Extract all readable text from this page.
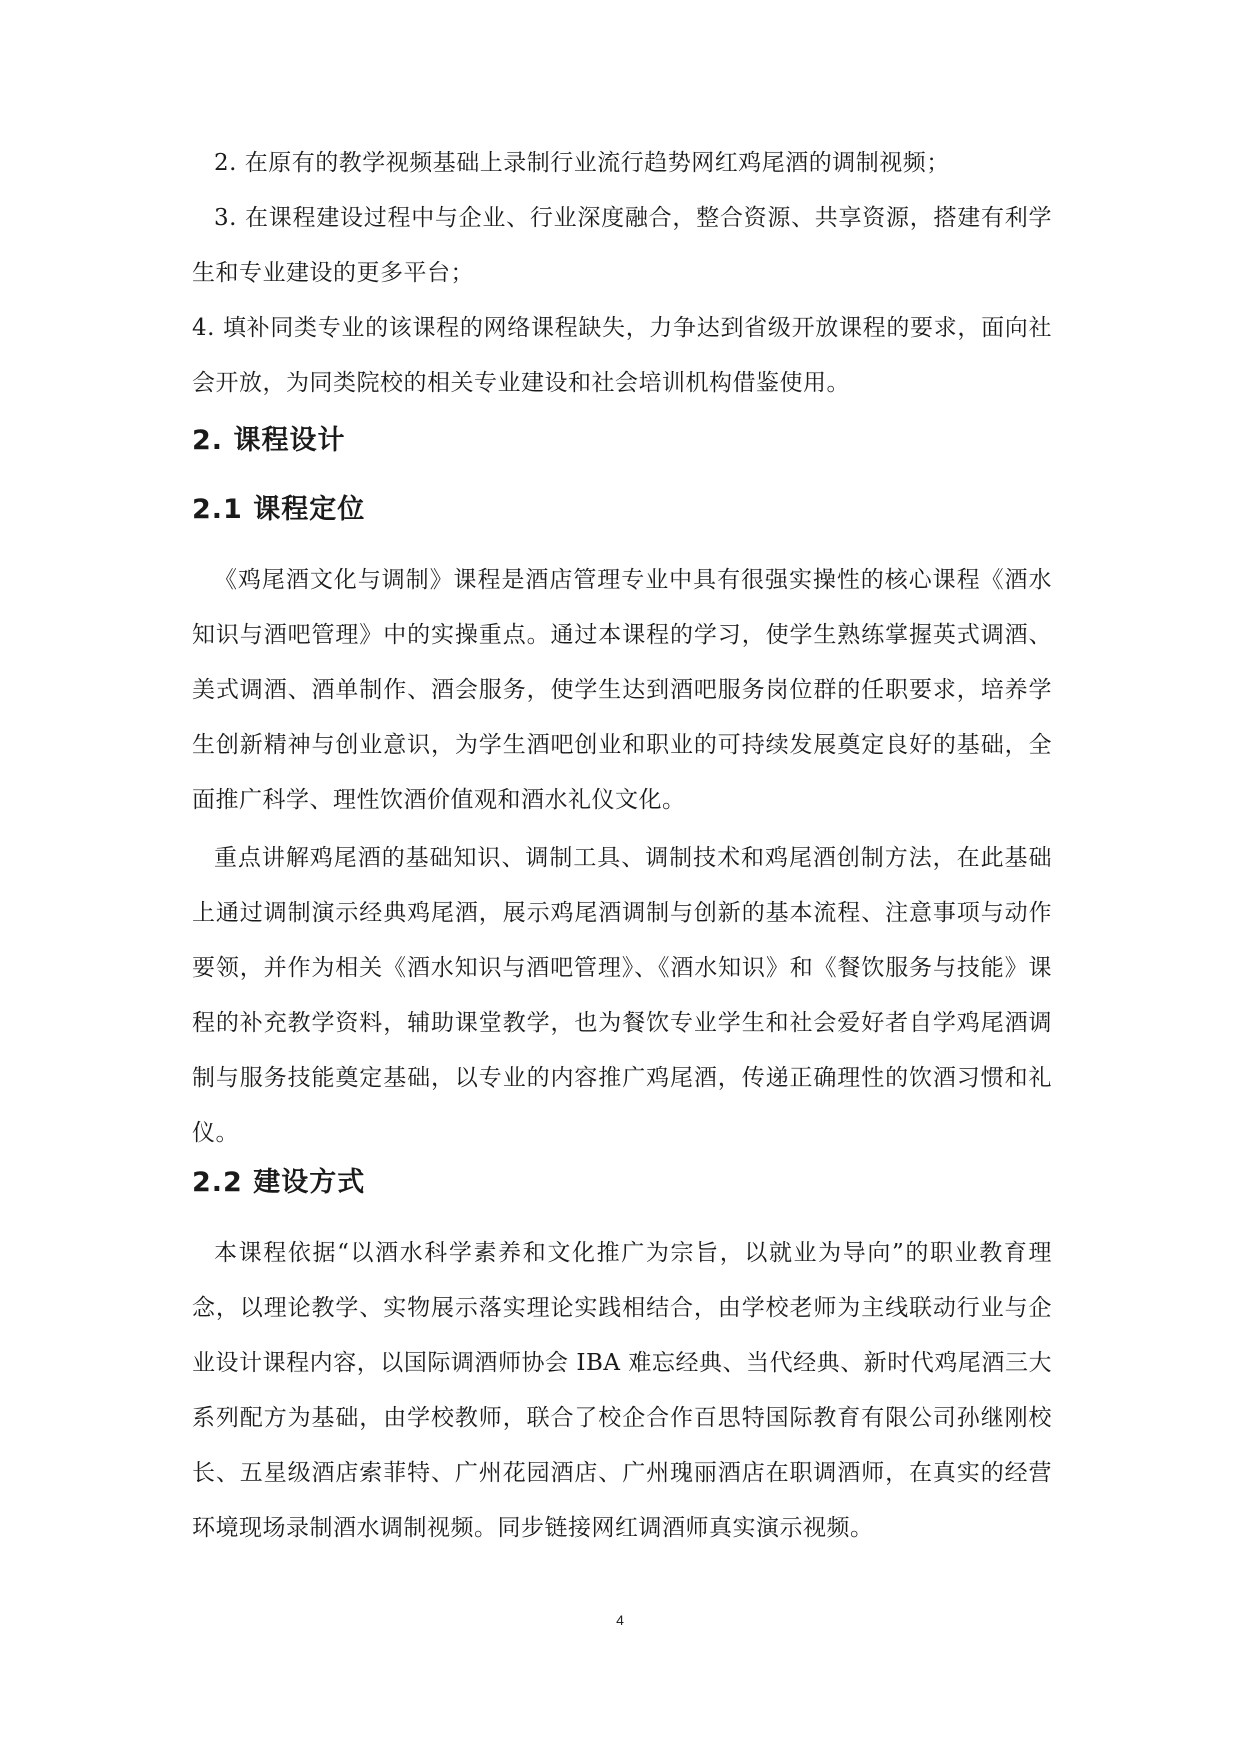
2. 在原有的教学视频基础上录制行业流行趋势网红鸡尾酒的调制视频；

3. 在课程建设过程中与企业、行业深度融合，整合资源、共享资源，搭建有利学生和专业建设的更多平台；

4. 填补同类专业的该课程的网络课程缺失，力争达到省级开放课程的要求，面向社会开放，为同类院校的相关专业建设和社会培训机构借鉴使用。

2. 课程设计
2.1 课程定位

《鸡尾酒文化与调制》课程是酒店管理专业中具有很强实操性的核心课程《酒水知识与酒吧管理》中的实操重点。通过本课程的学习，使学生熟练掌握英式调酒、美式调酒、酒单制作、酒会服务，使学生达到酒吧服务岗位群的任职要求，培养学生创新精神与创业意识，为学生酒吧创业和职业的可持续发展奠定良好的基础，全面推广科学、理性饮酒价值观和酒水礼仪文化。

重点讲解鸡尾酒的基础知识、调制工具、调制技术和鸡尾酒创制方法，在此基础上通过调制演示经典鸡尾酒，展示鸡尾酒调制与创新的基本流程、注意事项与动作要领，并作为相关《酒水知识与酒吧管理》、《酒水知识》和《餐饮服务与技能》课程的补充教学资料，辅助课堂教学，也为餐饮专业学生和社会爱好者自学鸡尾酒调制与服务技能奠定基础，以专业的内容推广鸡尾酒，传递正确理性的饮酒习惯和礼仪。

2.2 建设方式

本课程依据“以酒水科学素养和文化推广为宗旨，以就业为导向”的职业教育理念，以理论教学、实物展示落实理论实践相结合，由学校老师为主线联动行业与企业设计课程内容，以国际调酒师协会 IBA 难忘经典、当代经典、新时代鸡尾酒三大系列配方为基础，由学校教师，联合了校企合作百思特国际教育有限公司孙继刚校长、五星级酒店索菲特、广州花园酒店、广州瑰丽酒店在职调酒师，在真实的经营环境现场录制酒水调制视频。同步链接网红调酒师真实演示视频。

4
